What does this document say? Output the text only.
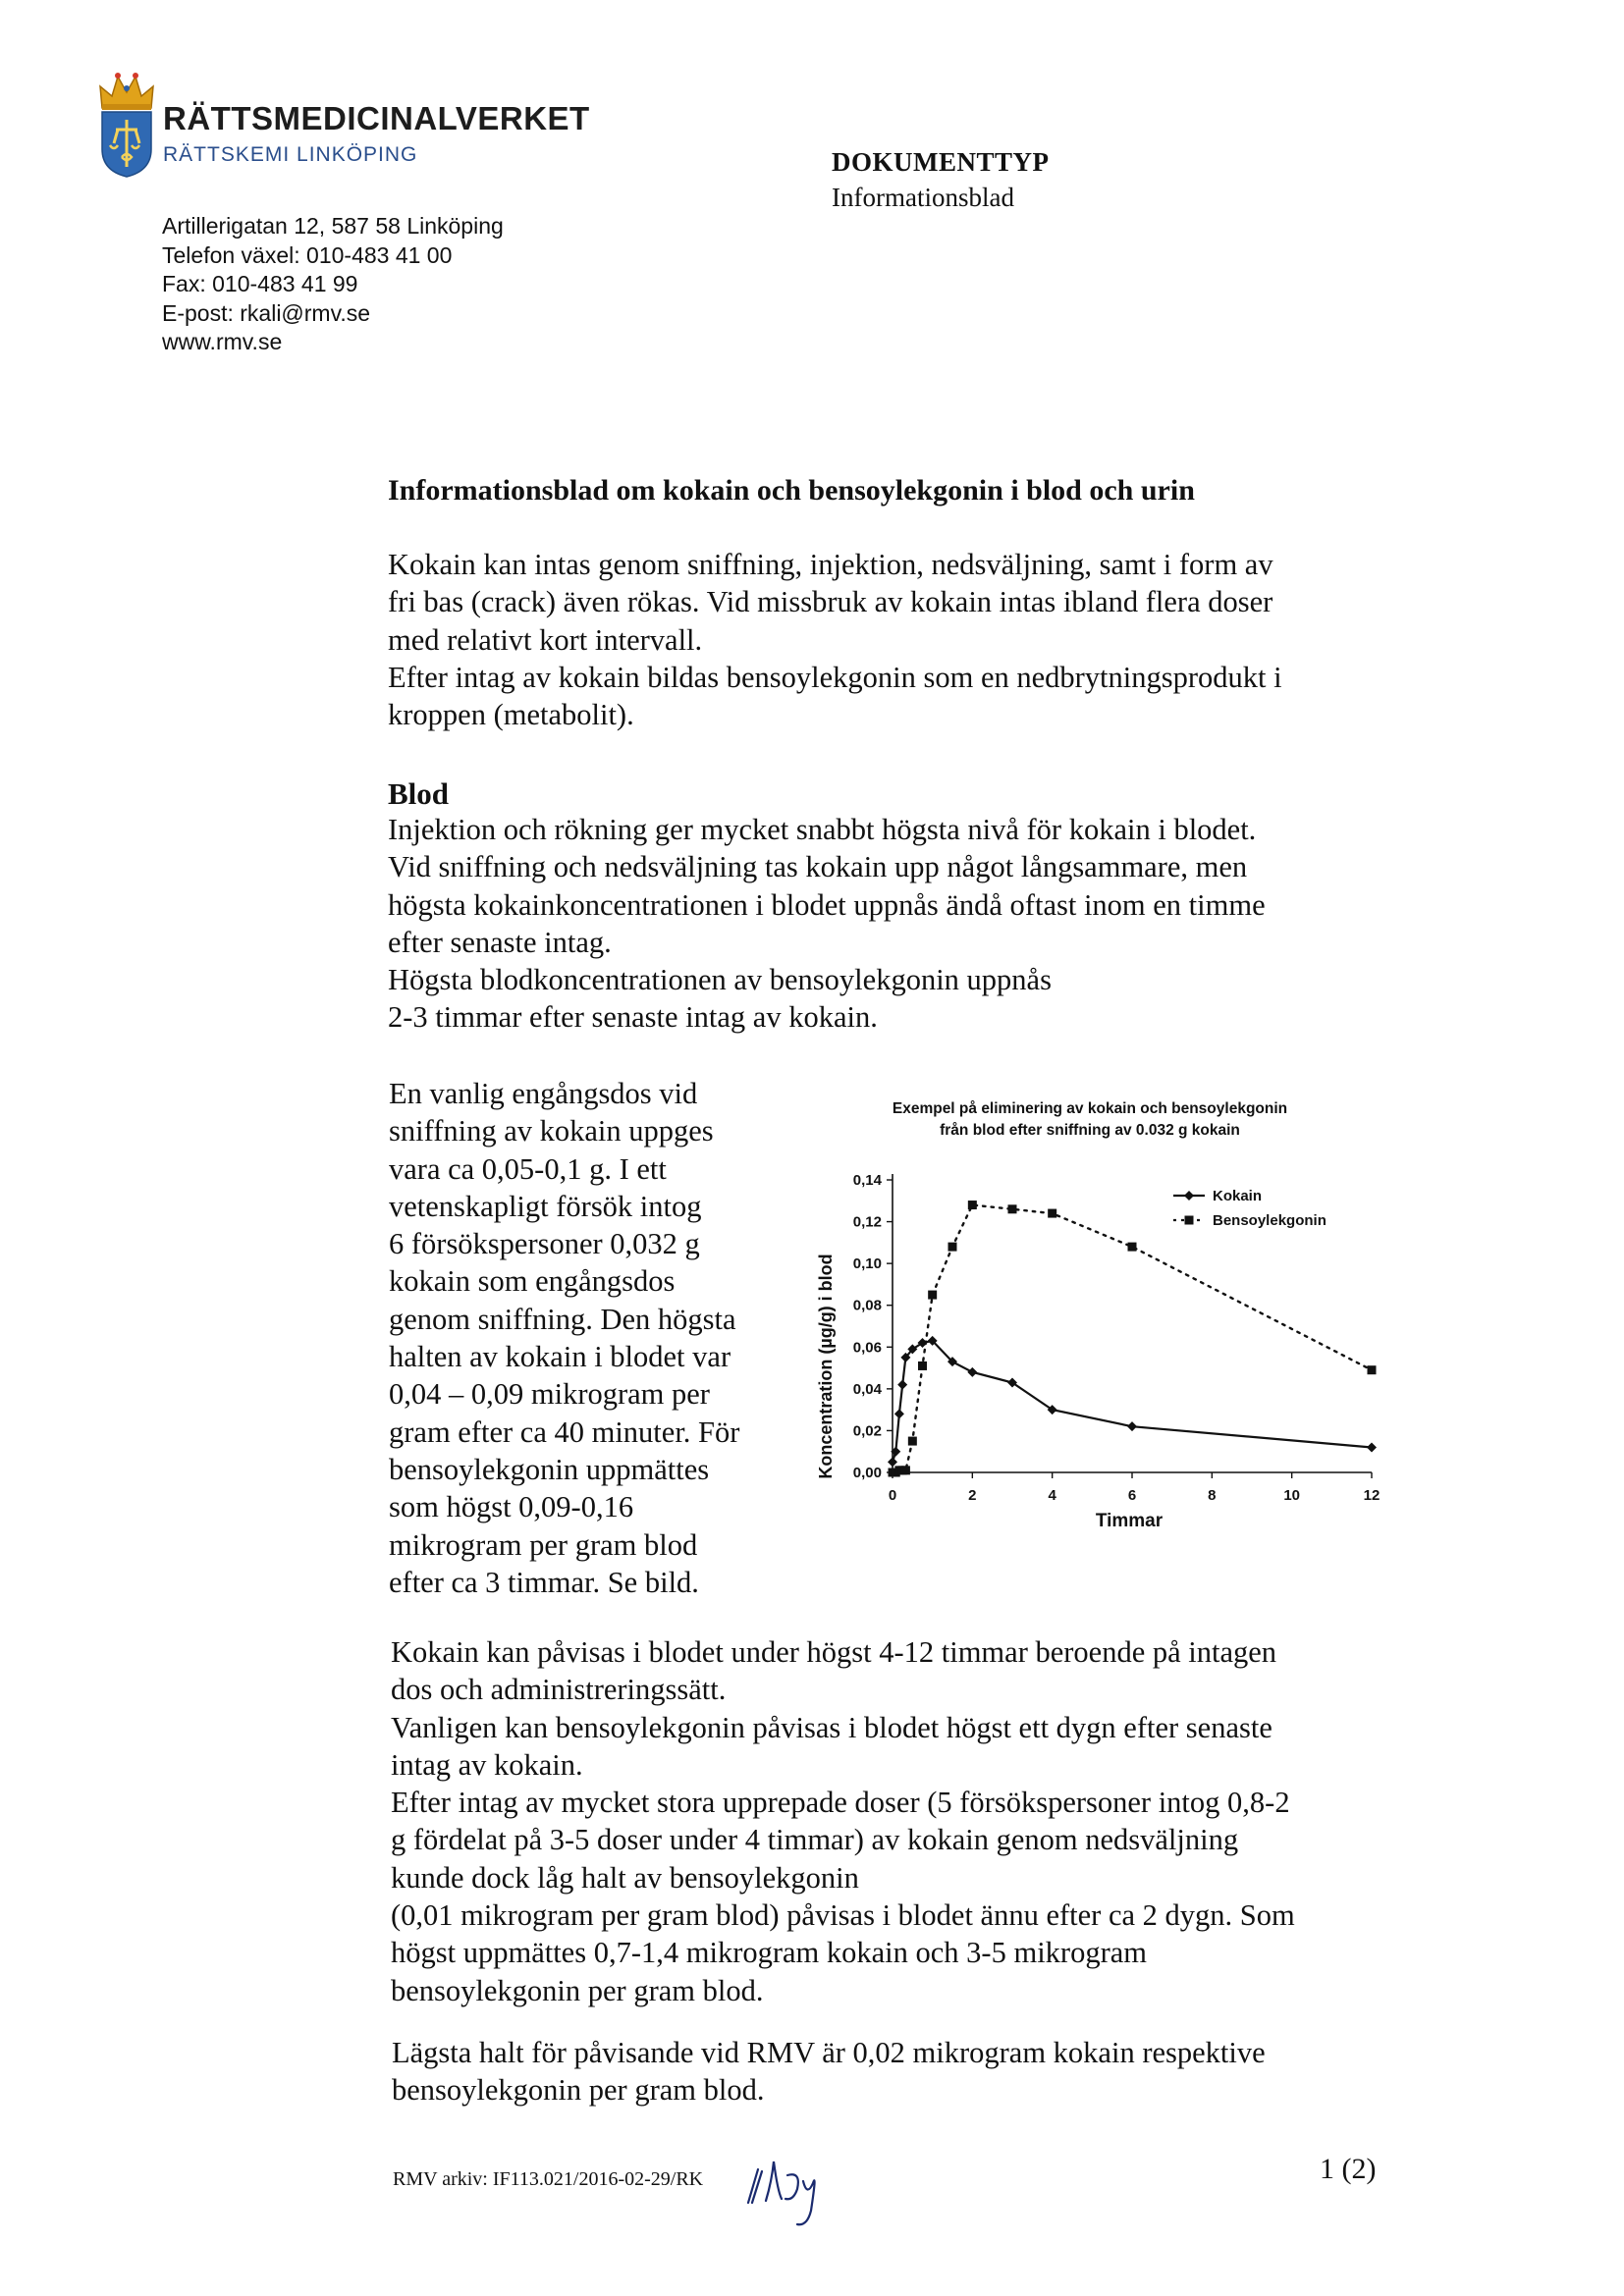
RÄTTSMEDICINALVERKET
RÄTTSKEMI LINKÖPING
Artillerigatan 12, 587 58 Linköping
Telefon växel: 010-483 41 00
Fax: 010-483 41 99
E-post: rkali@rmv.se
www.rmv.se
DOKUMENTTYP
Informationsblad
Informationsblad om kokain och bensoylekgonin i blod och urin
Kokain kan intas genom sniffning, injektion, nedsväljning, samt i form av
fri bas (crack) även rökas. Vid missbruk av kokain intas ibland flera doser
med relativt kort intervall.
Efter intag av kokain bildas bensoylekgonin som en nedbrytningsprodukt i
kroppen (metabolit).
Blod
Injektion och rökning ger mycket snabbt högsta nivå för kokain i blodet.
Vid sniffning och nedsväljning tas kokain upp något långsammare, men
högsta kokainkoncentrationen i blodet uppnås ändå oftast inom en timme
efter senaste intag.
Högsta blodkoncentrationen av bensoylekgonin uppnås
2-3 timmar efter senaste intag av kokain.
En vanlig engångsdos vid
sniffning av kokain uppges
vara ca 0,05-0,1 g. I ett
vetenskapligt försök intog
6 försökspersoner 0,032 g
kokain som engångsdos
genom sniffning. Den högsta
halten av kokain i blodet var
0,04 – 0,09 mikrogram per
gram efter ca 40 minuter. För
bensoylekgonin uppmättes
som högst 0,09-0,16
mikrogram per gram blod
efter ca 3 timmar. Se bild.
Exempel på eliminering av kokain och bensoylekgonin
från blod efter sniffning av 0.032 g kokain
0,00
0,02
0,04
0,06
0,08
0,10
0,12
0,14
0	2	4	6	8	10	12
Kokain
Bensoylekgonin
Timmar
Koncentration (µg/g) i blod
Kokain kan påvisas i blodet under högst 4-12 timmar beroende på intagen
dos och administreringssätt.
Vanligen kan bensoylekgonin påvisas i blodet högst ett dygn efter senaste
intag av kokain.
Efter intag av mycket stora upprepade doser (5 försökspersoner intog 0,8-2
g fördelat på 3-5 doser under 4 timmar) av kokain genom nedsväljning
kunde dock låg halt av bensoylekgonin
(0,01 mikrogram per gram blod) påvisas i blodet ännu efter ca 2 dygn. Som
högst uppmättes 0,7-1,4 mikrogram kokain och 3-5 mikrogram
bensoylekgonin per gram blod.
Lägsta halt för påvisande vid RMV är 0,02 mikrogram kokain respektive
bensoylekgonin per gram blod.
RMV arkiv: IF113.021/2016-02-29/RK	1 (2)
